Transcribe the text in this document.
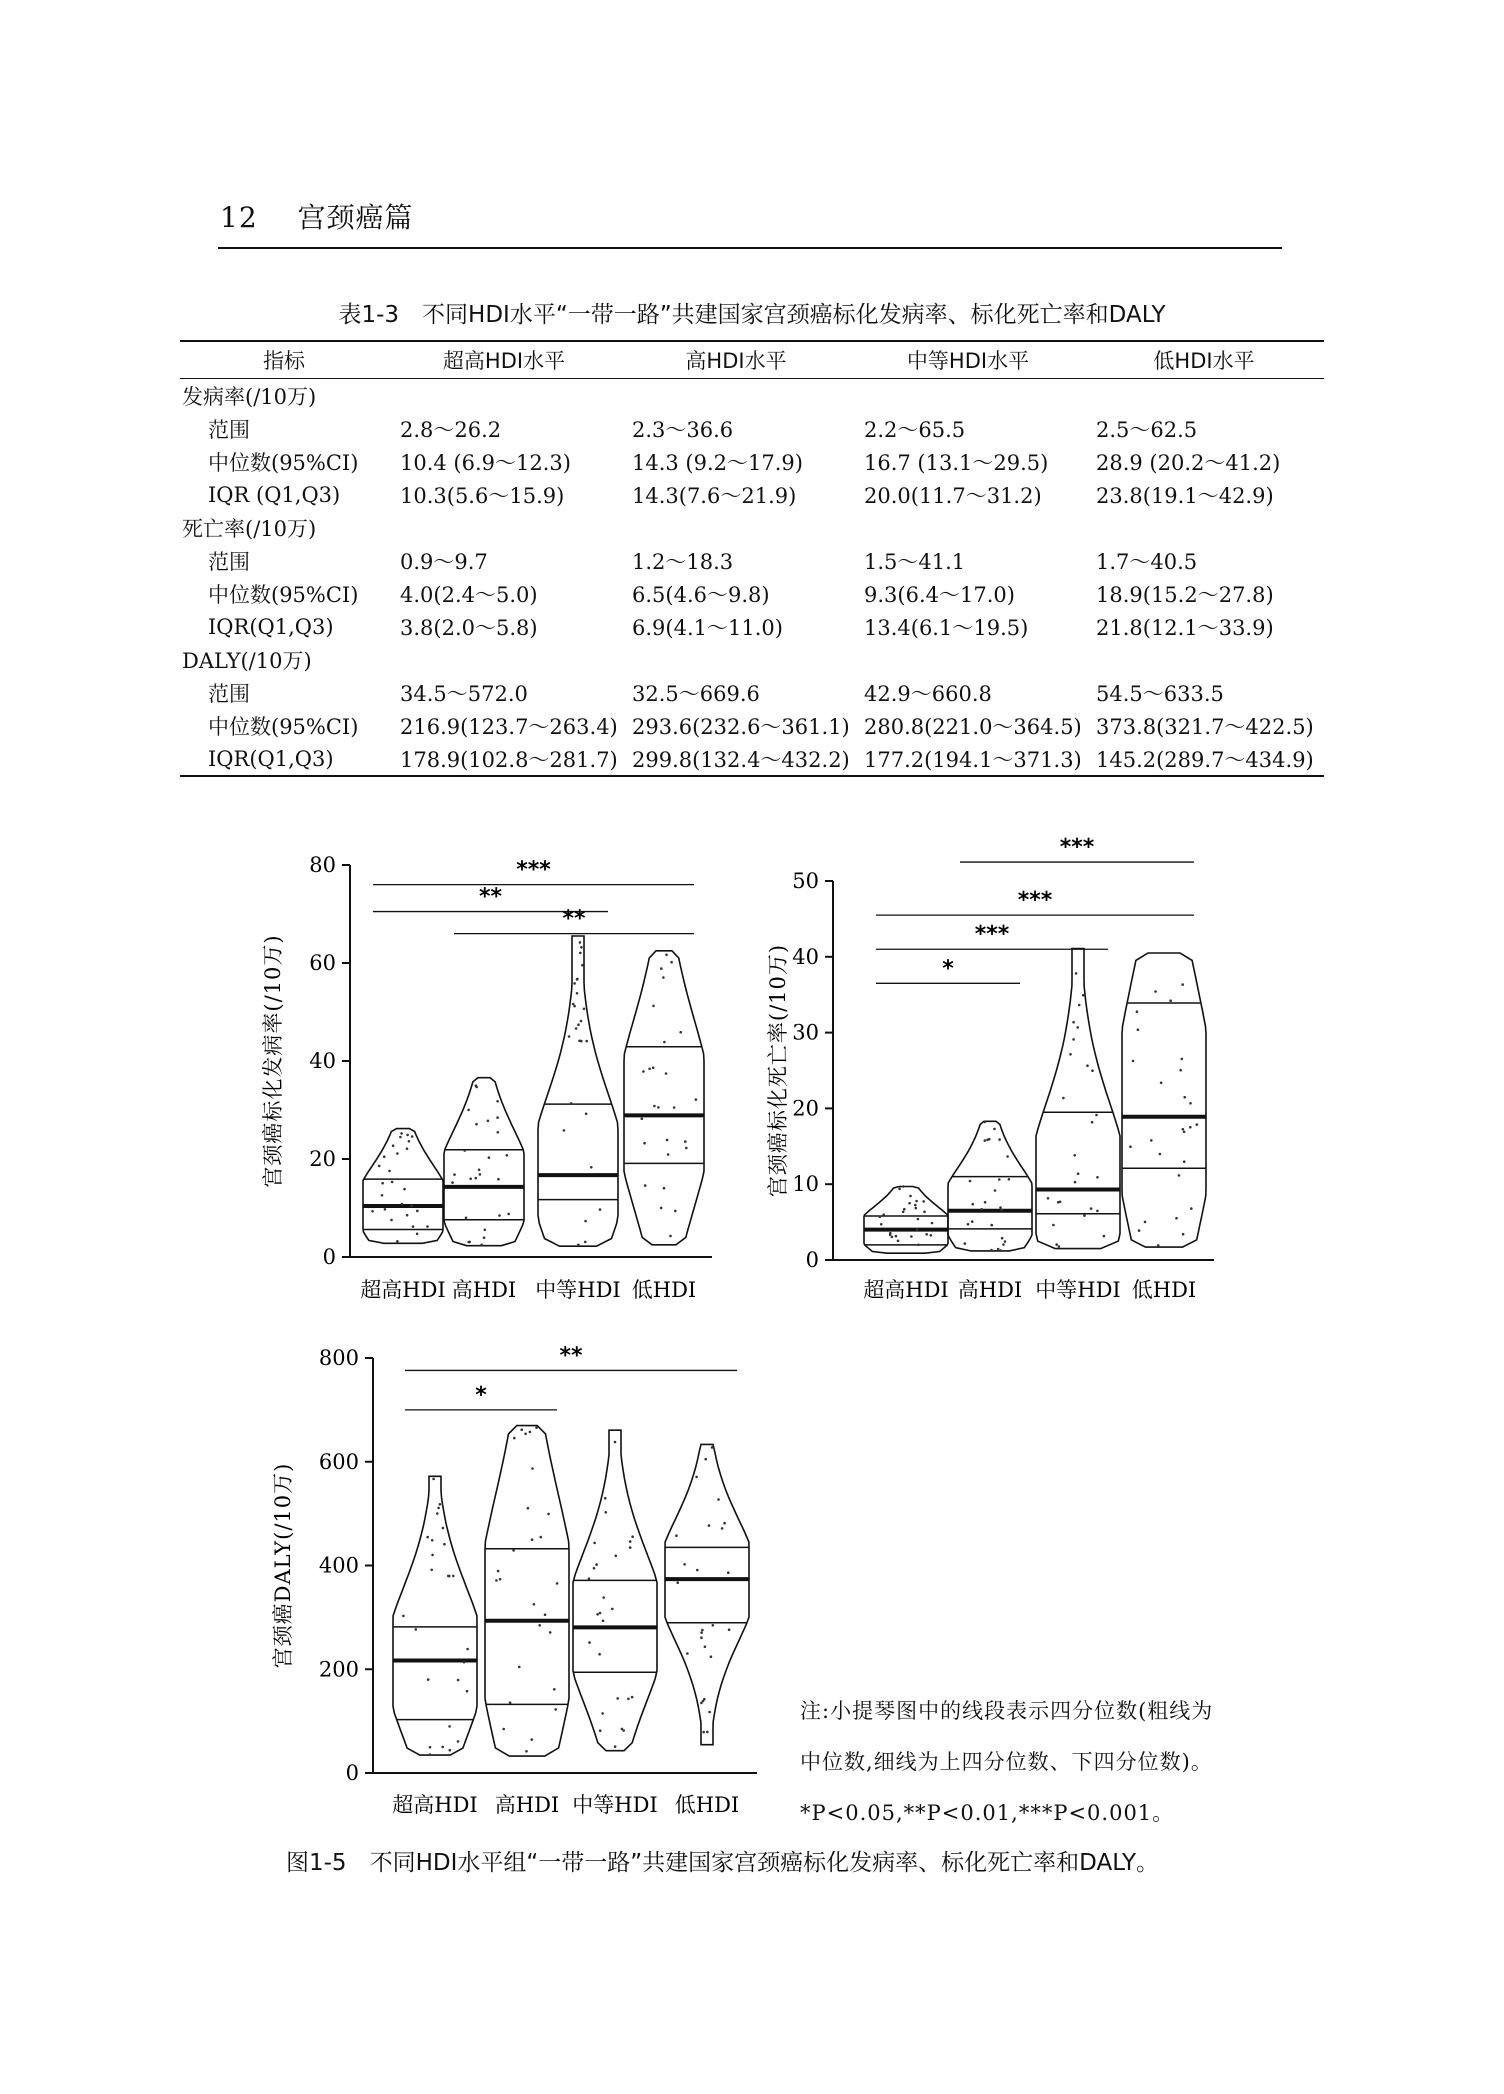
12 宫颈癌篇
表1-3　不同HDI水平“一带一路”共建国家宫颈癌标化发病率、标化死亡率和DALY
指标	超高HDI水平	高HDI水平	中等HDI水平	低HDI水平
发病率(/10万)				
范围	2.8～26.2	2.3～36.6	2.2～65.5	2.5～62.5
中位数(95%CI)	10.4 (6.9～12.3)	14.3 (9.2～17.9)	16.7 (13.1～29.5)	28.9 (20.2～41.2)
IQR (Q1,Q3)	10.3(5.6～15.9)	14.3(7.6～21.9)	20.0(11.7～31.2)	23.8(19.1～42.9)
死亡率(/10万)				
范围	0.9～9.7	1.2～18.3	1.5～41.1	1.7～40.5
中位数(95%CI)	4.0(2.4～5.0)	6.5(4.6～9.8)	9.3(6.4～17.0)	18.9(15.2～27.8)
IQR(Q1,Q3)	3.8(2.0～5.8)	6.9(4.1～11.0)	13.4(6.1～19.5)	21.8(12.1～33.9)
DALY(/10万)				
范围	34.5～572.0	32.5～669.6	42.9～660.8	54.5～633.5
中位数(95%CI)	216.9(123.7～263.4)	293.6(232.6～361.1)	280.8(221.0～364.5)	373.8(321.7～422.5)
IQR(Q1,Q3)	178.9(102.8～281.7)	299.8(132.4～432.2)	177.2(194.1～371.3)	145.2(289.7～434.9)
0
20
40
60
80
宫颈癌标化发病率(/10万)
超高HDI 高HDI 中等HDI 低HDI
***
**
**
0
10
20
30
40
50
宫颈癌标化死亡率(/10万)
超高HDI 高HDI 中等HDI 低HDI
***
***
***
*
0
200
400
600
800
宫颈癌DALY(/10万)
超高HDI 高HDI 中等HDI 低HDI
**
*
注:小提琴图中的线段表示四分位数(粗线为
中位数,细线为上四分位数、下四分位数)。
*P<0.05,**P<0.01,***P<0.001。
图1-5　不同HDI水平组“一带一路”共建国家宫颈癌标化发病率、标化死亡率和DALY。
